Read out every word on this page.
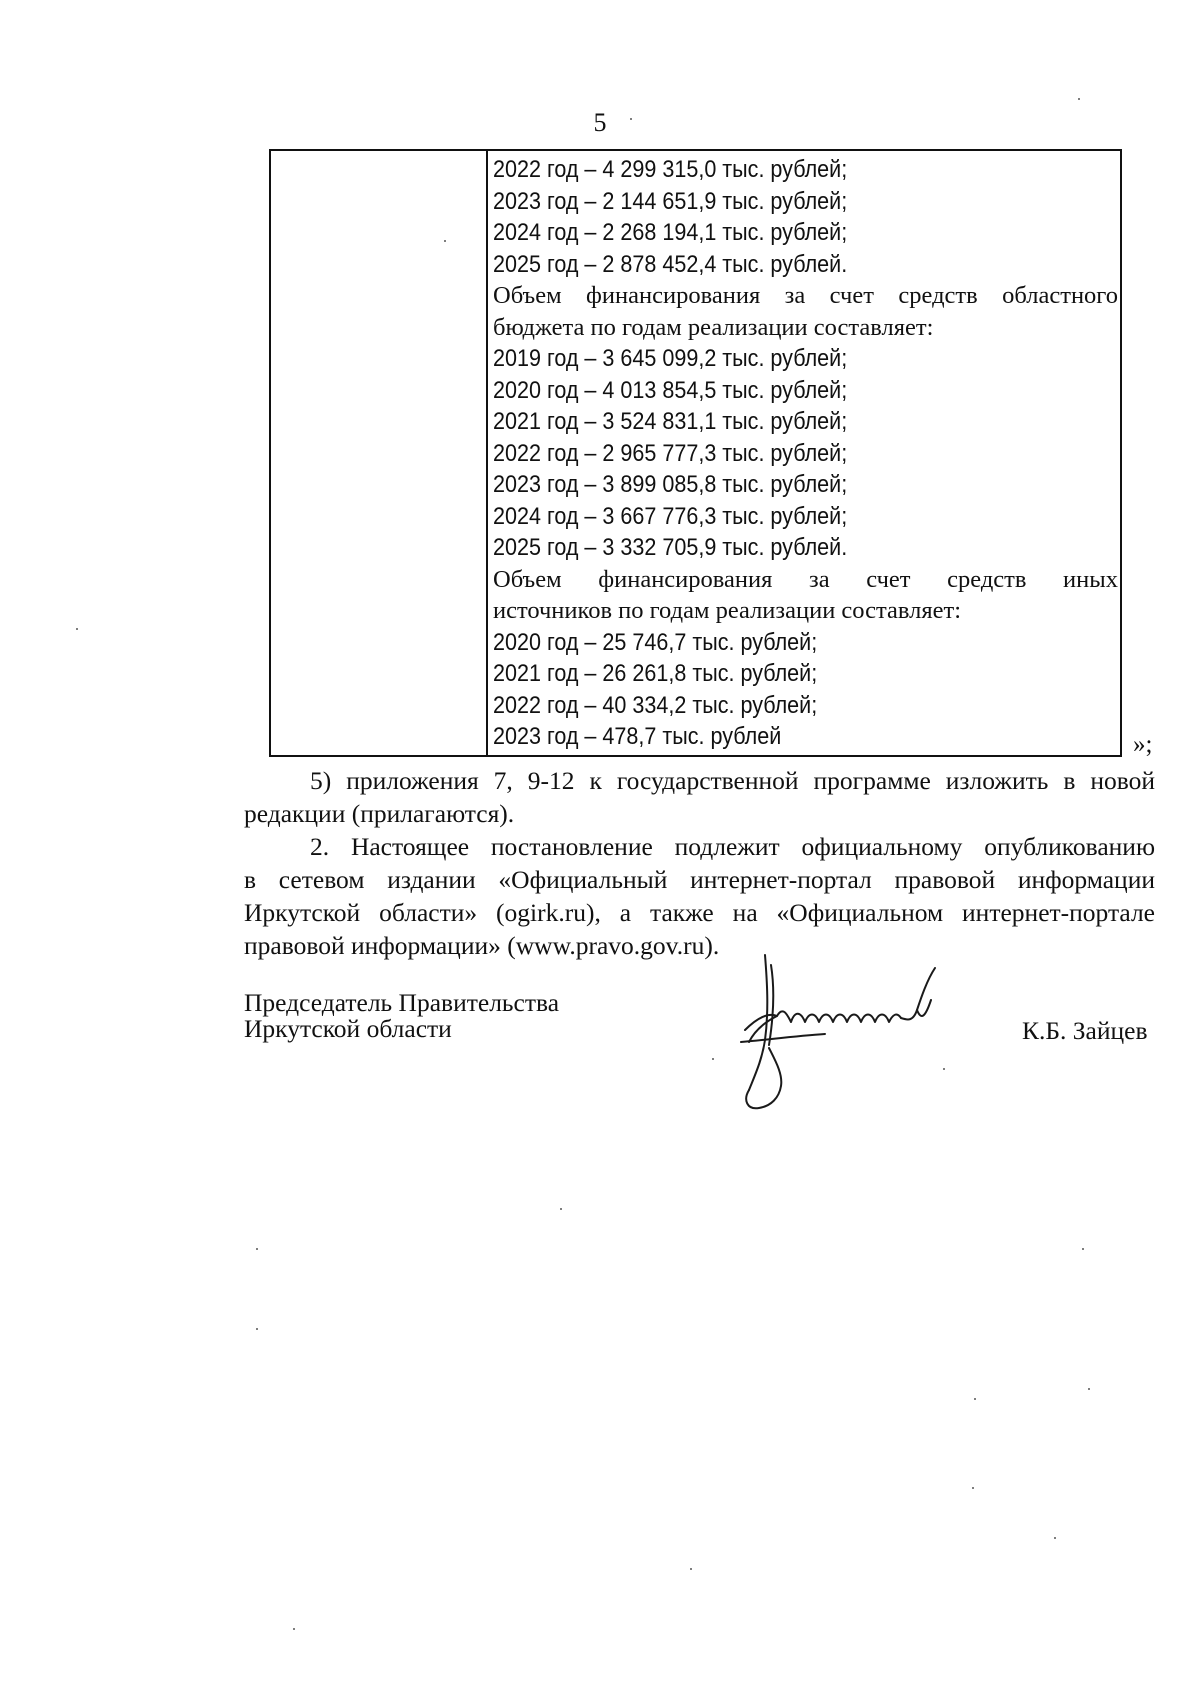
5
2022 год – 4 299 315,0 тыс. рублей;
2023 год – 2 144 651,9 тыс. рублей;
2024 год – 2 268 194,1 тыс. рублей;
2025 год – 2 878 452,4 тыс. рублей.
Объем финансирования за счет средств областного
бюджета по годам реализации составляет:
2019 год – 3 645 099,2 тыс. рублей;
2020 год – 4 013 854,5 тыс. рублей;
2021 год – 3 524 831,1 тыс. рублей;
2022 год – 2 965 777,3 тыс. рублей;
2023 год – 3 899 085,8 тыс. рублей;
2024 год – 3 667 776,3 тыс. рублей;
2025 год – 3 332 705,9 тыс. рублей.
Объем финансирования за счет средств иных
источников по годам реализации составляет:
2020 год – 25 746,7 тыс. рублей;
2021 год – 26 261,8 тыс. рублей;
2022 год – 40 334,2 тыс. рублей;
2023 год – 478,7 тыс. рублей	»;
5) приложения 7, 9-12 к государственной программе изложить в новой
редакции (прилагаются).
2. Настоящее постановление подлежит официальному опубликованию
в сетевом издании «Официальный интернет-портал правовой информации
Иркутской области» (ogirk.ru), а также на «Официальном интернет-портале
правовой информации» (www.pravo.gov.ru).
Председатель Правительства
Иркутской области	К.Б. Зайцев
